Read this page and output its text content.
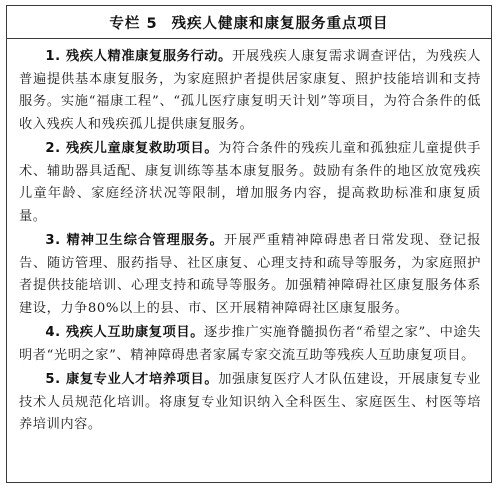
专栏 5 残疾人健康和康复服务重点项目

1. 残疾人精准康复服务行动。开展残疾人康复需求调查评估，为残疾人普遍提供基本康复服务，为家庭照护者提供居家康复、照护技能培训和支持服务。实施“福康工程”、“孤儿医疗康复明天计划”等项目，为符合条件的低收入残疾人和残疾孤儿提供康复服务。

2. 残疾儿童康复救助项目。为符合条件的残疾儿童和孤独症儿童提供手术、辅助器具适配、康复训练等基本康复服务。鼓励有条件的地区放宽残疾儿童年龄、家庭经济状况等限制，增加服务内容，提高救助标准和康复质量。

3. 精神卫生综合管理服务。开展严重精神障碍患者日常发现、登记报告、随访管理、服药指导、社区康复、心理支持和疏导等服务，为家庭照护者提供技能培训、心理支持和疏导等服务。加强精神障碍社区康复服务体系建设，力争80%以上的县、市、区开展精神障碍社区康复服务。

4. 残疾人互助康复项目。逐步推广实施脊髓损伤者“希望之家”、中途失明者“光明之家”、精神障碍患者家属专家交流互助等残疾人互助康复项目。

5. 康复专业人才培养项目。加强康复医疗人才队伍建设，开展康复专业技术人员规范化培训。将康复专业知识纳入全科医生、家庭医生、村医等培养培训内容。
